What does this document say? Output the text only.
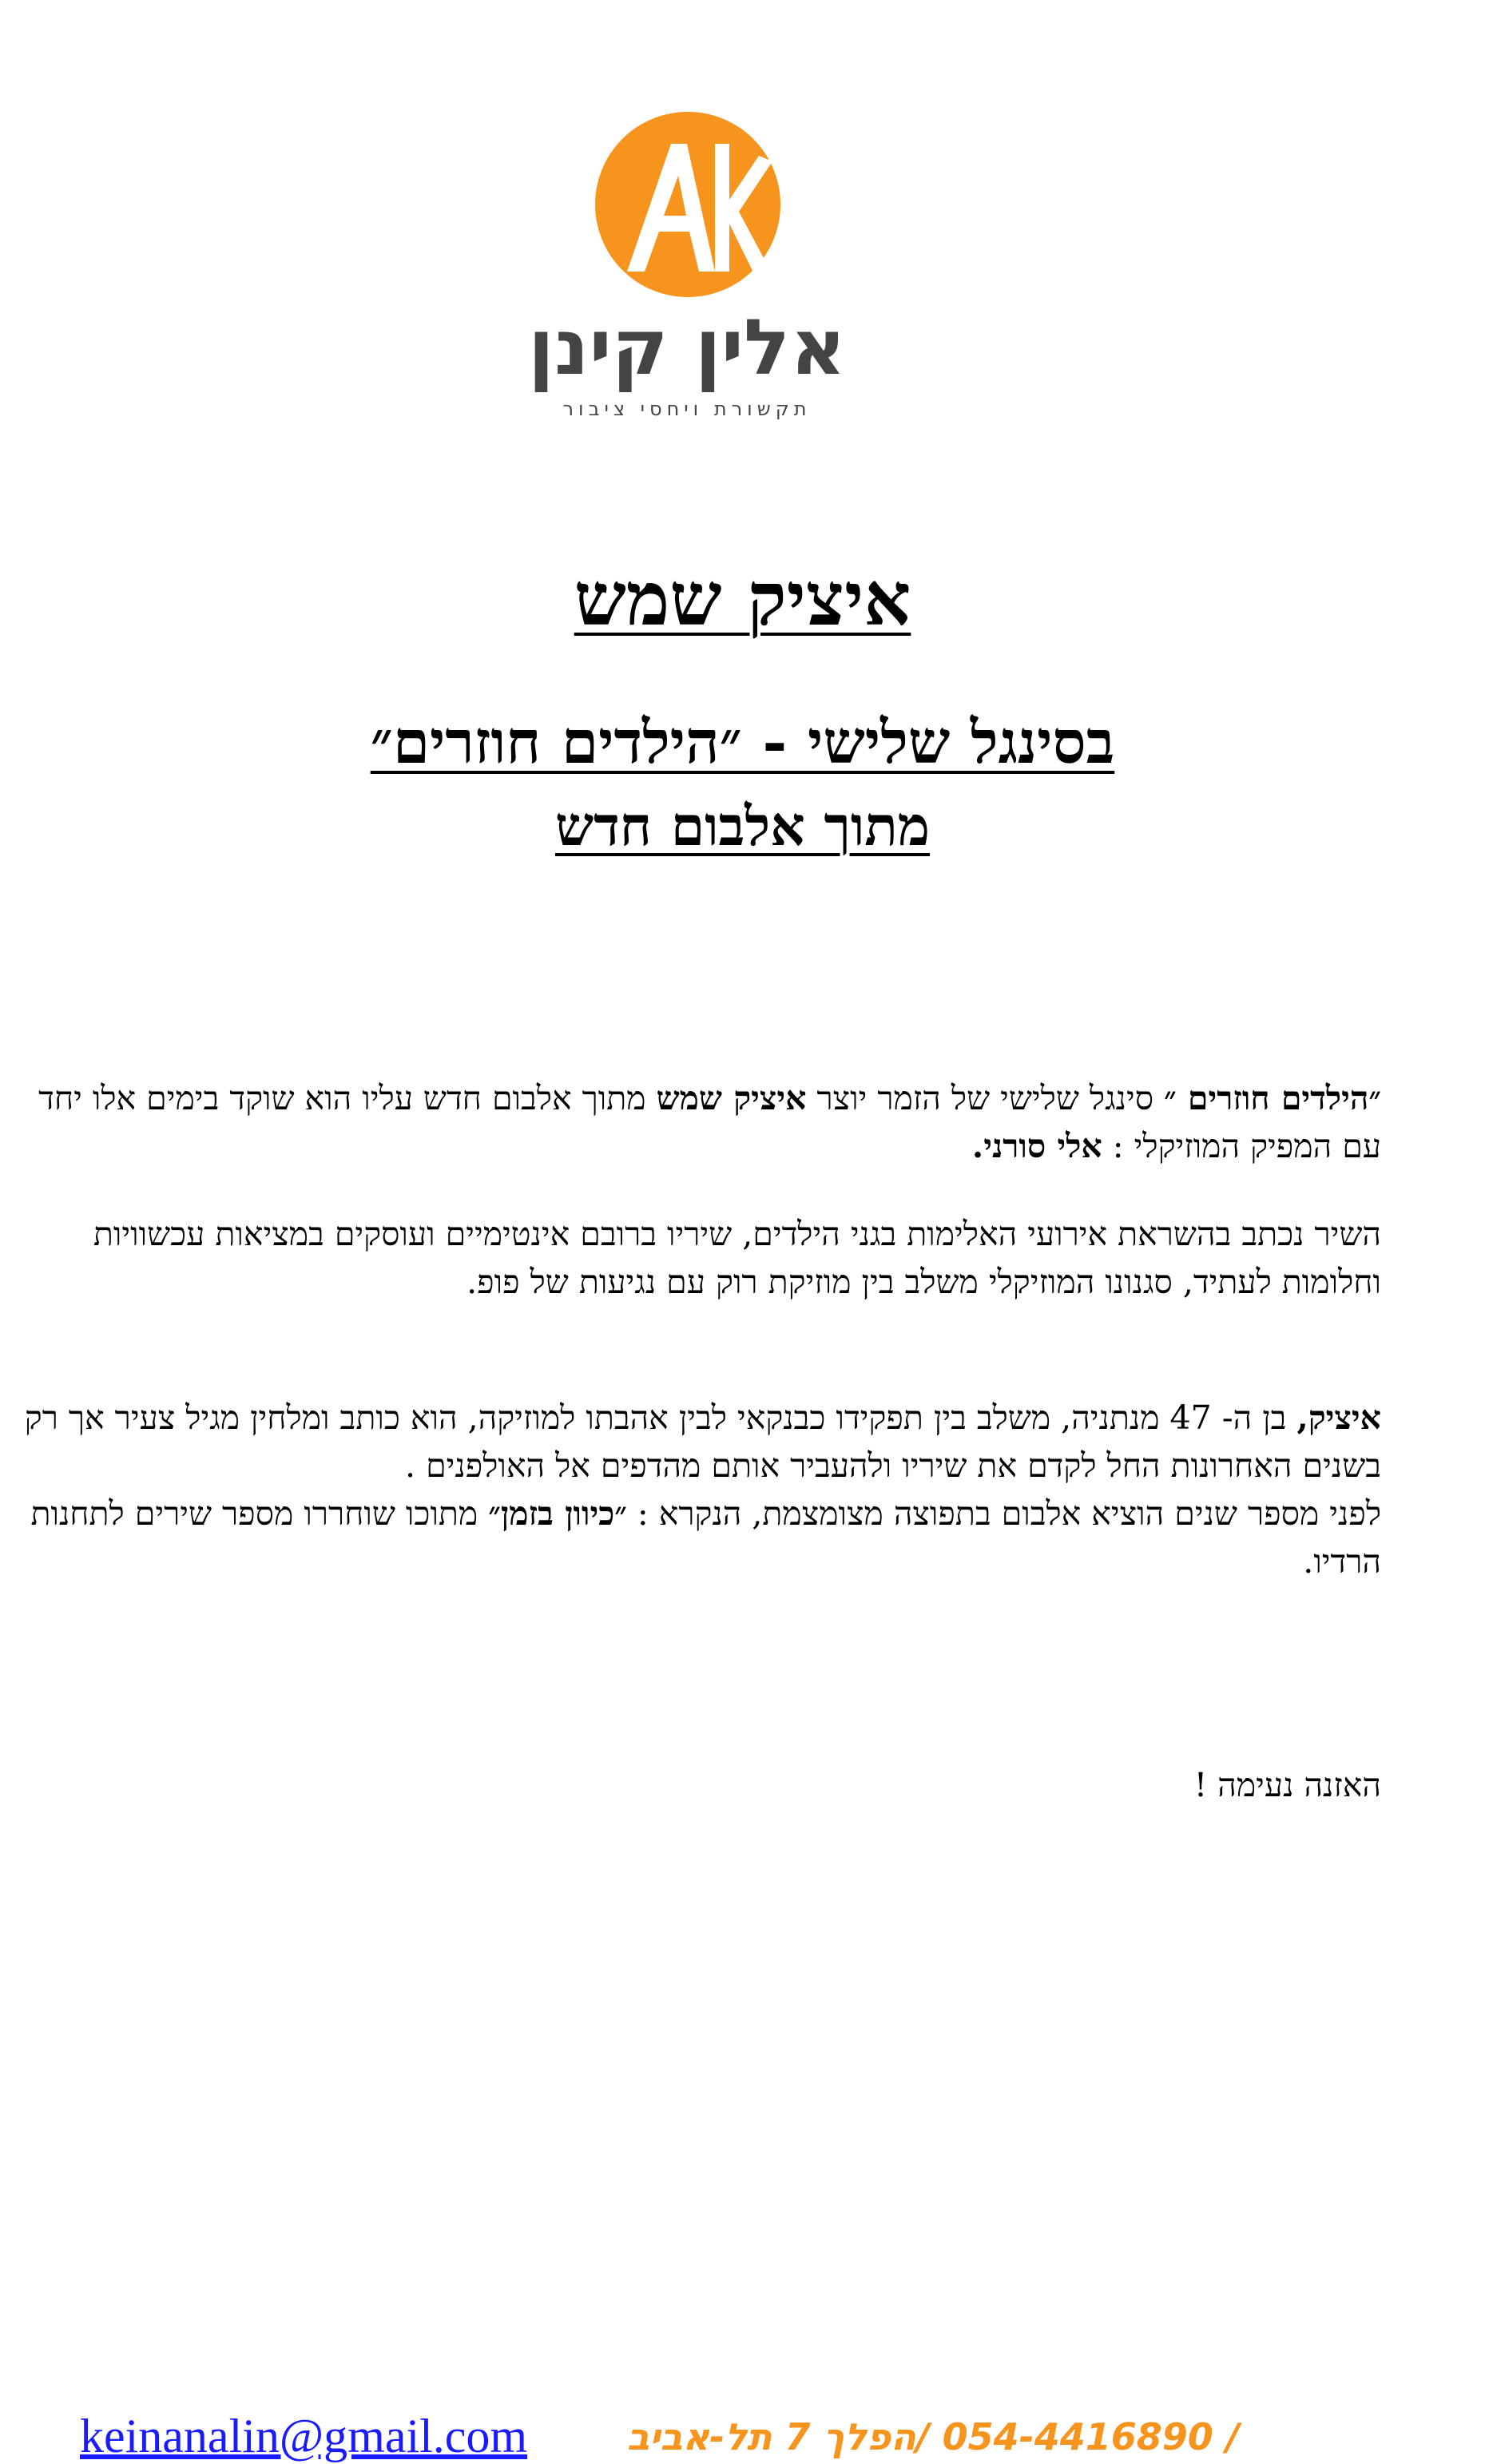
אלין קינן
תקשורת ויחסי ציבור
איציק שמש
בסינגל שלישי - ״הילדים חוזרים״
מתוך אלבום חדש
״הילדים חוזרים ״ סינגל שלישי של הזמר יוצר איציק שמש מתוך אלבום חדש עליו הוא שוקד בימים אלו יחד עם המפיק המוזיקלי : אלי סורני.
השיר נכתב בהשראת אירועי האלימות בגני הילדים, שיריו ברובם אינטימיים ועוסקים במציאות עכשוויות וחלומות לעתיד, סגנונו המוזיקלי משלב בין מוזיקת רוק עם נגיעות של פופ.
איציק, בן ה- 47 מנתניה, משלב בין תפקידו כבנקאי לבין אהבתו למוזיקה, הוא כותב ומלחין מגיל צעיר אך רק בשנים האחרונות החל לקדם את שיריו ולהעביר אותם מהדפים אל האולפנים .
לפני מספר שנים הוציא אלבום בתפוצה מצומצמת, הנקרא : ״כיוון בזמן״ מתוכו שוחררו מספר שירים לתחנות הרדיו.
האזנה נעימה !
keinanalin@gmail.com	/ 054-4416890 /הפלך 7 תל-אביב
